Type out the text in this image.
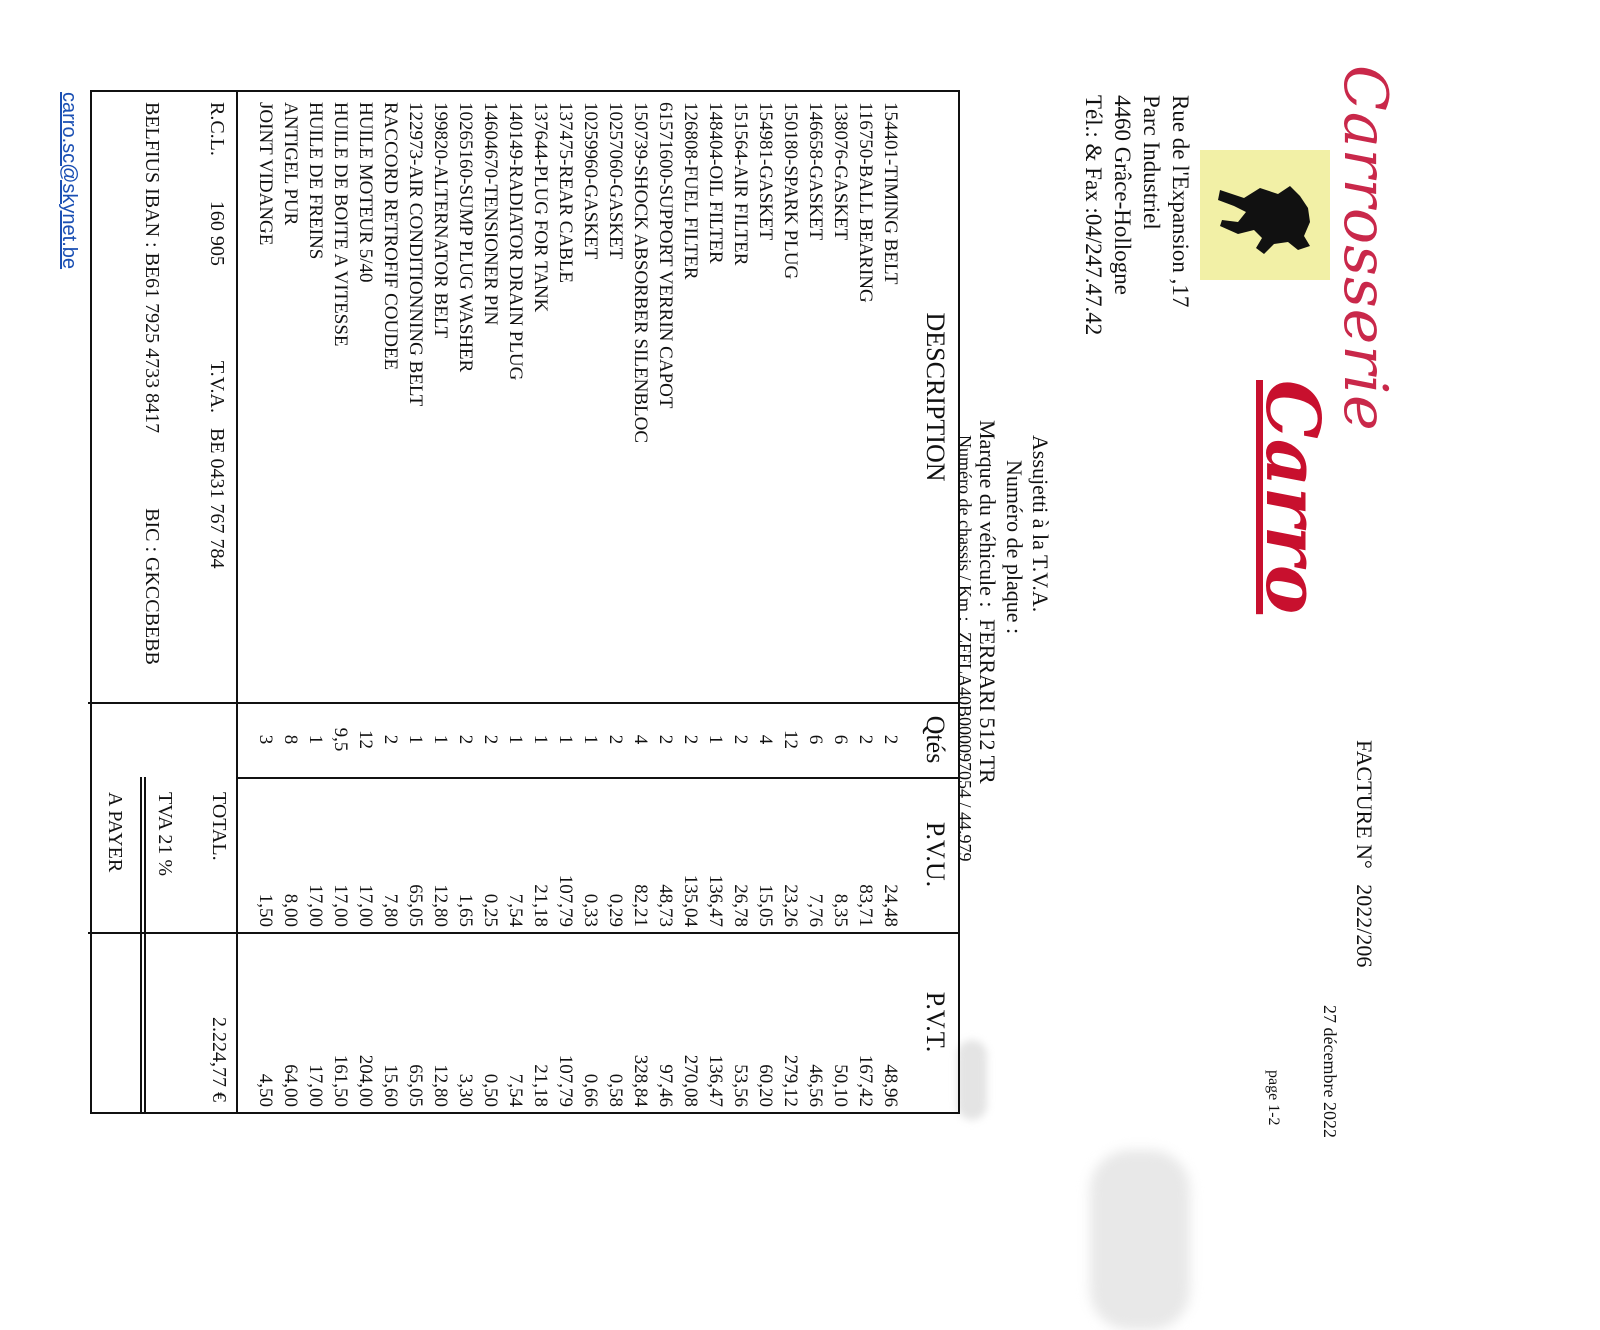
Carrosserie
Carro
Rue de l'Expansion ,17
Parc Industriel
4460 Grâce-Hollogne
Tél.: & Fax :04/247.47.42
FACTURE N° 2022/206
27 décembre 2022
page 1-2
Assujetti à la T.V.A.
Numéro de plaque :
Marque du véhicule : FERRARI 512 TR
Numéro de chassis / Km : ZFFLA40B000097054 / 44.979
DESCRIPTION
Qtés
P.V.U.
P.V.T.
154401-TIMING BELT
2
24,48
48,96
116750-BALL BEARING
2
83,71
167,42
138076-GASKET
6
8,35
50,10
146658-GASKET
6
7,76
46,56
150180-SPARK PLUG
12
23,26
279,12
154981-GASKET
4
15,05
60,20
151564-AIR FILTER
2
26,78
53,56
148404-OIL FILTER
1
136,47
136,47
126808-FUEL FILTER
2
135,04
270,08
61571600-SUPPORT VERRIN CAPOT
2
48,73
97,46
150739-SHOCK ABSORBER SILENBLOC
4
82,21
328,84
10257060-GASKET
2
0,29
0,58
10259960-GASKET
1
0,33
0,66
137475-REAR CABLE
1
107,79
107,79
137644-PLUG FOR TANK
1
21,18
21,18
140149-RADIATOR DRAIN PLUG
1
7,54
7,54
14604670-TENSIONER PIN
2
0,25
0,50
10265160-SUMP PLUG WASHER
2
1,65
3,30
199820-ALTERNATOR BELT
1
12,80
12,80
122973-AIR CONDITIONNING BELT
1
65,05
65,05
RACCORD RETROFIF COUDEE
2
7,80
15,60
HUILE MOTEUR 5/40
12
17,00
204,00
HUILE DE BOITE A VITESSE
9,5
17,00
161,50
HUILE DE FREINS
1
17,00
17,00
ANTIGEL PUR
8
8,00
64,00
JOINT VIDANGE
3
1,50
4,50
R.C.L. 160 905 T.V.A. BE 0431 767 784
BELFIUS IBAN : BE61 7925 4733 8417 BIC : GKCCBEBB
carro.sc@skynet.be
TOTAL.
2.224,77 €
TVA 21 %
A PAYER
